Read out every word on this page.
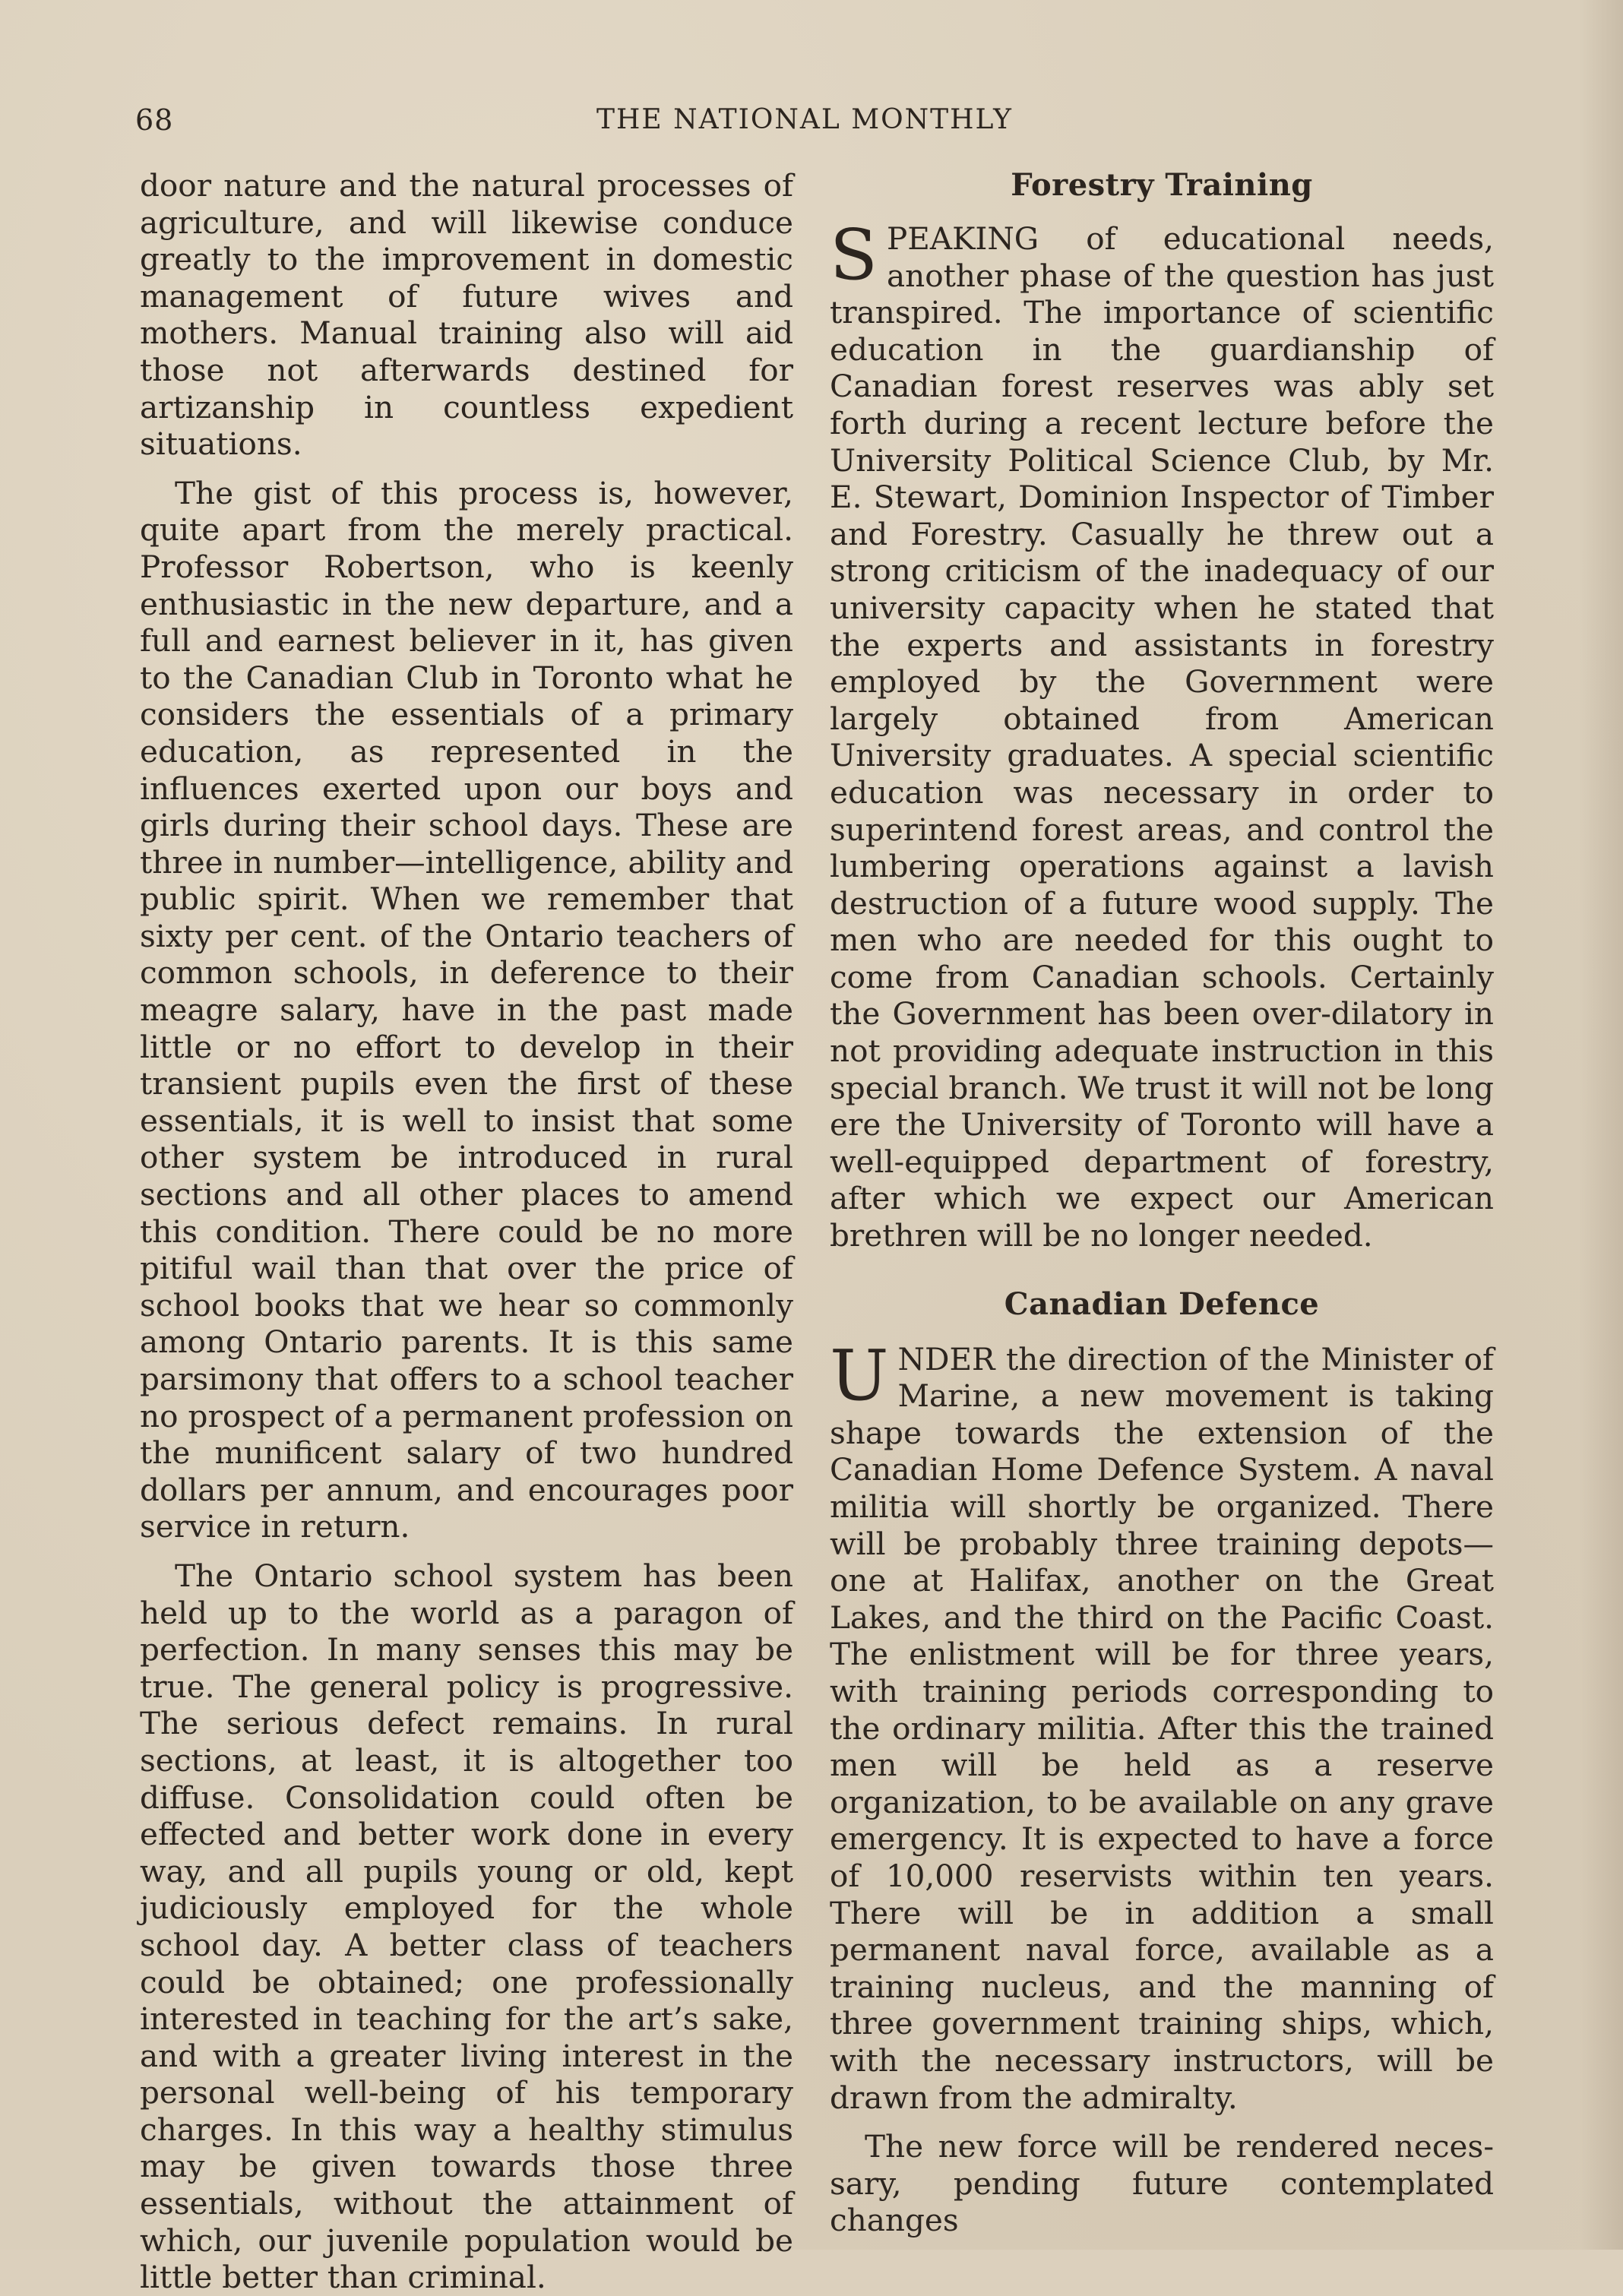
68	THE NATIONAL MONTHLY

door nature and the natural processes of agriculture, and will likewise conduce greatly to the improvement in domestic management of future wives and mothers. Manual training also will aid those not afterwards destined for artizanship in countless expedient situations.

The gist of this process is, however, quite apart from the merely practical. Professor Robertson, who is keenly enthusiastic in the new departure, and a full and earnest believer in it, has given to the Canadian Club in Toronto what he considers the essentials of a primary education, as represented in the influences exerted upon our boys and girls during their school days. These are three in number—intelligence, ability and public spirit. When we remember that sixty per cent. of the Ontario teachers of common schools, in deference to their meagre salary, have in the past made little or no effort to develop in their transient pupils even the first of these essentials, it is well to insist that some other system be introduced in rural sections and all other places to amend this condition. There could be no more pitiful wail than that over the price of school books that we hear so commonly among Ontario parents. It is this same parsimony that offers to a school teacher no prospect of a permanent profession on the munificent salary of two hundred dollars per annum, and encourages poor service in return.

The Ontario school system has been held up to the world as a paragon of perfection. In many senses this may be true. The general policy is progressive. The serious defect remains. In rural sections, at least, it is altogether too diffuse. Consolidation could often be effected and better work done in every way, and all pupils young or old, kept judiciously employed for the whole school day. A better class of teachers could be obtained; one professionally interested in teaching for the art’s sake, and with a greater living interest in the personal well-being of his temporary charges. In this way a healthy stimulus may be given towards those three essentials, without the attainment of which, our juvenile population would be little better than criminal.

Forestry Training

SPEAKING of educational needs, another phase of the question has just transpired. The importance of scientific education in the guardianship of Canadian forest reserves was ably set forth during a recent lecture before the University Political Science Club, by Mr. E. Stewart, Dominion Inspector of Timber and Forestry. Casually he threw out a strong criticism of the inadequacy of our university capacity when he stated that the experts and assistants in forestry employed by the Government were largely obtained from American University graduates. A special scientific education was necessary in order to superintend forest areas, and control the lumbering operations against a lavish destruction of a future wood supply. The men who are needed for this ought to come from Canadian schools. Certainly the Government has been over-dilatory in not providing adequate instruction in this special branch. We trust it will not be long ere the University of Toronto will have a well-equipped department of forestry, after which we expect our American brethren will be no longer needed.

Canadian Defence

UNDER the direction of the Minister of Marine, a new movement is taking shape towards the extension of the Canadian Home Defence System. A naval militia will shortly be organized. There will be probably three training depots—one at Halifax, another on the Great Lakes, and the third on the Pacific Coast. The enlistment will be for three years, with training periods corresponding to the ordinary militia. After this the trained men will be held as a reserve organization, to be available on any grave emergency. It is expected to have a force of 10,000 reservists within ten years. There will be in addition a small permanent naval force, available as a training nucleus, and the manning of three government training ships, which, with the necessary instructors, will be drawn from the admiralty.

The new force will be rendered necessary, pending future contemplated changes
